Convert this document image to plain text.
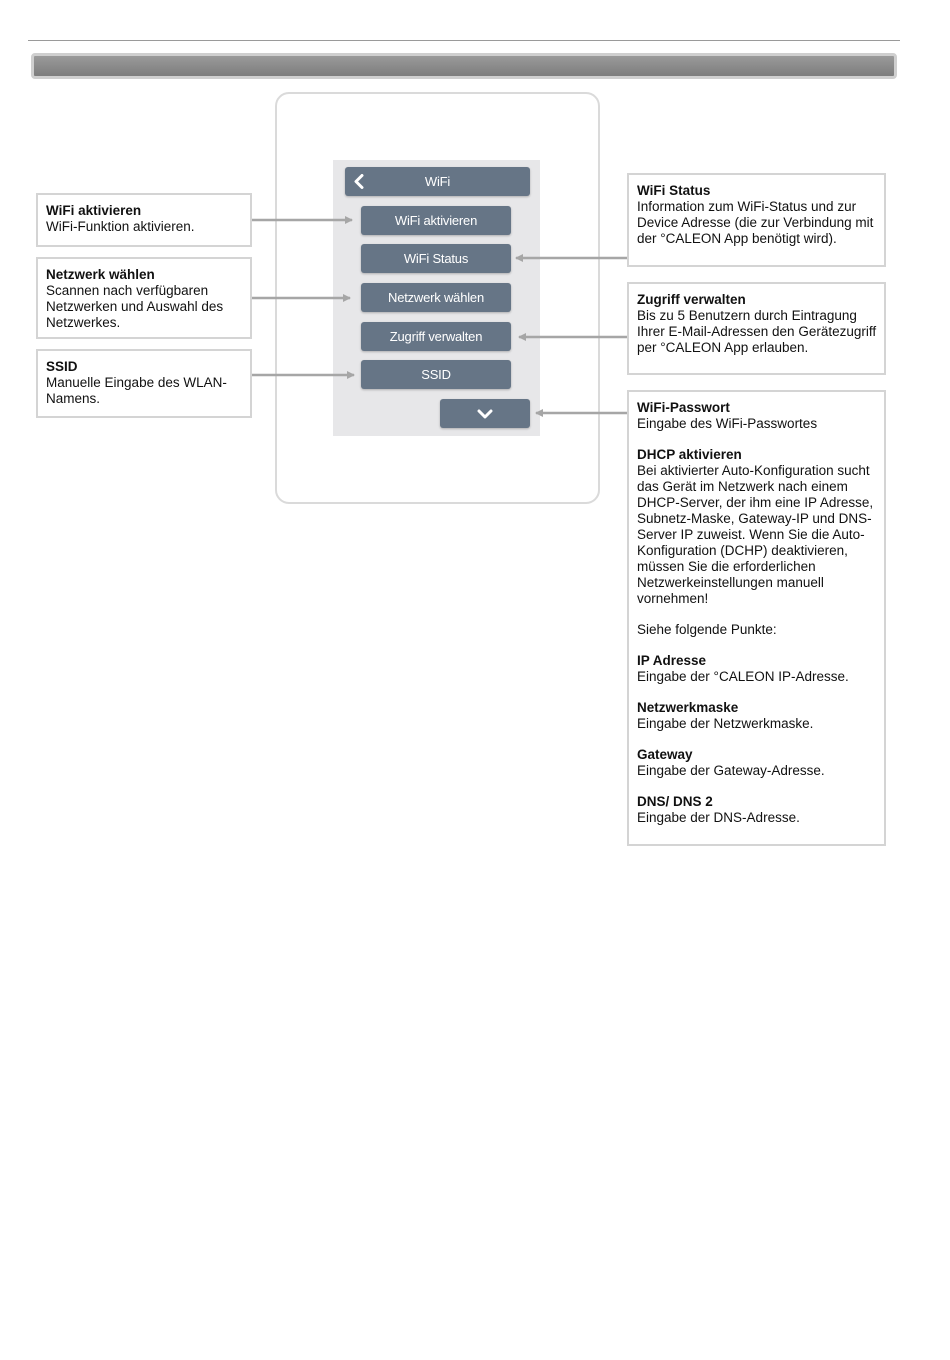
WiFi
WiFi aktivieren
WiFi Status
Netzwerk wählen
Zugriff verwalten
SSID
WiFi aktivieren
WiFi-Funktion aktivieren.
Netzwerk wählen
Scannen nach verfügbaren Netzwerken und Auswahl des Netzwerkes.
SSID
Manuelle Eingabe des WLAN-Namens.
WiFi Status
Information zum WiFi-Status und zur Device Adresse (die zur Verbindung mit der °CALEON App benötigt wird).
Zugriff verwalten
Bis zu 5 Benutzern durch Eintragung Ihrer E-Mail-Adressen den Gerätezugriff per °CALEON App erlauben.
WiFi-Passwort
Eingabe des WiFi-Passwortes
DHCP aktivieren
Bei aktivierter Auto-Konfiguration sucht das Gerät im Netzwerk nach einem DHCP-Server, der ihm eine IP Adresse, Subnetz-Maske, Gateway-IP und DNS-Server IP zuweist. Wenn Sie die Auto-Konfiguration (DCHP) deaktivieren, müssen Sie die erforderlichen Netzwerkeinstellungen manuell vornehmen!
Siehe folgende Punkte:
IP Adresse
Eingabe der °CALEON IP-Adresse.
Netzwerkmaske
Eingabe der Netzwerkmaske.
Gateway
Eingabe der Gateway-Adresse.
DNS/ DNS 2
Eingabe der DNS-Adresse.
